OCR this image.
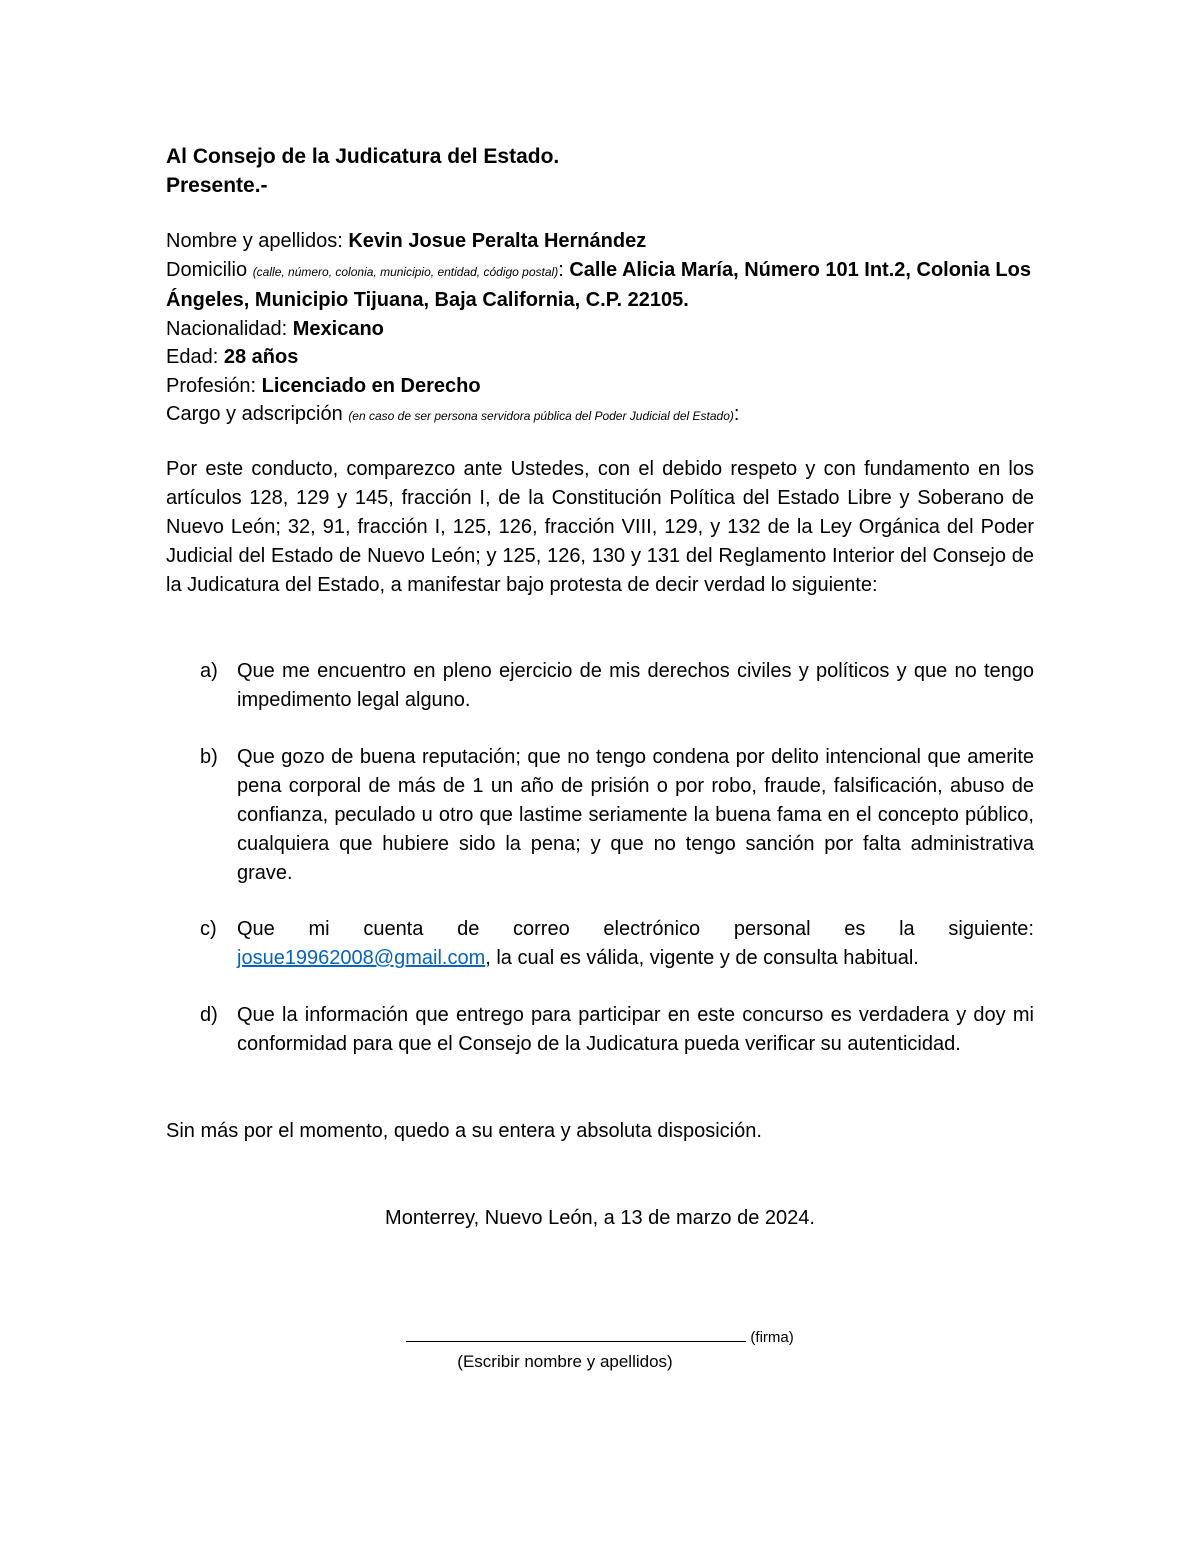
Al Consejo de la Judicatura del Estado.
Presente.-
Nombre y apellidos: Kevin Josue Peralta Hernández
Domicilio (calle, número, colonia, municipio, entidad, código postal): Calle Alicia María, Número 101 Int.2, Colonia Los Ángeles, Municipio Tijuana, Baja California, C.P. 22105.
Nacionalidad: Mexicano
Edad: 28 años
Profesión: Licenciado en Derecho
Cargo y adscripción (en caso de ser persona servidora pública del Poder Judicial del Estado):

Por este conducto, comparezco ante Ustedes, con el debido respeto y con fundamento en los artículos 128, 129 y 145, fracción I, de la Constitución Política del Estado Libre y Soberano de Nuevo León; 32, 91, fracción I, 125, 126, fracción VIII, 129, y 132 de la Ley Orgánica del Poder Judicial del Estado de Nuevo León; y 125, 126, 130 y 131 del Reglamento Interior del Consejo de la Judicatura del Estado, a manifestar bajo protesta de decir verdad lo siguiente:

a) Que me encuentro en pleno ejercicio de mis derechos civiles y políticos y que no tengo impedimento legal alguno.
b) Que gozo de buena reputación; que no tengo condena por delito intencional que amerite pena corporal de más de 1 un año de prisión o por robo, fraude, falsificación, abuso de confianza, peculado u otro que lastime seriamente la buena fama en el concepto público, cualquiera que hubiere sido la pena; y que no tengo sanción por falta administrativa grave.
c) Que mi cuenta de correo electrónico personal es la siguiente: josue19962008@gmail.com, la cual es válida, vigente y de consulta habitual.
d) Que la información que entrego para participar en este concurso es verdadera y doy mi conformidad para que el Consejo de la Judicatura pueda verificar su autenticidad.

Sin más por el momento, quedo a su entera y absoluta disposición.

Monterrey, Nuevo León, a 13 de marzo de 2024.
(firma)
(Escribir nombre y apellidos)
